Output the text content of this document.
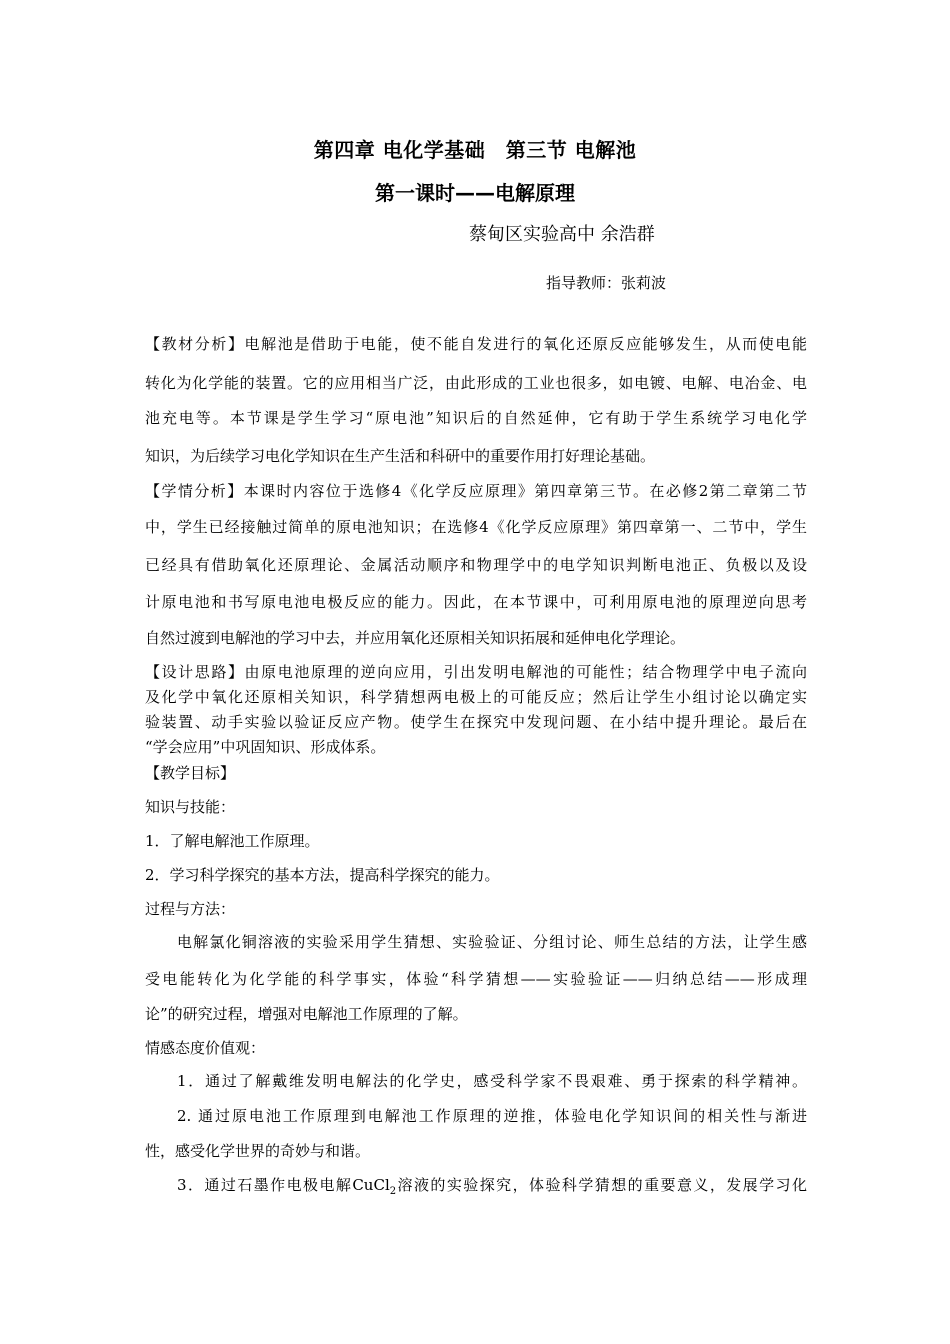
第四章 电化学基础　第三节 电解池
第一课时——电解原理
蔡甸区实验高中 余浩群
指导教师：张莉波
【教材分析】电解池是借助于电能，使不能自发进行的氧化还原反应能够发生，从而使电能
转化为化学能的装置。它的应用相当广泛，由此形成的工业也很多，如电镀、电解、电冶金、电
池充电等。本节课是学生学习“原电池”知识后的自然延伸，它有助于学生系统学习电化学
知识，为后续学习电化学知识在生产生活和科研中的重要作用打好理论基础。
【学情分析】本课时内容位于选修4《化学反应原理》第四章第三节。在必修2第二章第二节
中，学生已经接触过简单的原电池知识；在选修4《化学反应原理》第四章第一、二节中，学生
已经具有借助氧化还原理论、金属活动顺序和物理学中的电学知识判断电池正、负极以及设
计原电池和书写原电池电极反应的能力。因此，在本节课中，可利用原电池的原理逆向思考
自然过渡到电解池的学习中去，并应用氧化还原相关知识拓展和延伸电化学理论。
【设计思路】由原电池原理的逆向应用，引出发明电解池的可能性；结合物理学中电子流向
及化学中氧化还原相关知识，科学猜想两电极上的可能反应；然后让学生小组讨论以确定实
验装置、动手实验以验证反应产物。使学生在探究中发现问题、在小结中提升理论。最后在
“学会应用”中巩固知识、形成体系。
【教学目标】
知识与技能：
1．了解电解池工作原理。
2．学习科学探究的基本方法，提高科学探究的能力。
过程与方法：
电解氯化铜溶液的实验采用学生猜想、实验验证、分组讨论、师生总结的方法，让学生感
受电能转化为化学能的科学事实，体验“科学猜想——实验验证——归纳总结——形成理
论”的研究过程，增强对电解池工作原理的了解。
情感态度价值观：
1．通过了解戴维发明电解法的化学史，感受科学家不畏艰难、勇于探索的科学精神。
2. 通过原电池工作原理到电解池工作原理的逆推，体验电化学知识间的相关性与渐进
性，感受化学世界的奇妙与和谐。
3．通过石墨作电极电解CuCl$_2$溶液的实验探究，体验科学猜想的重要意义，发展学习化
